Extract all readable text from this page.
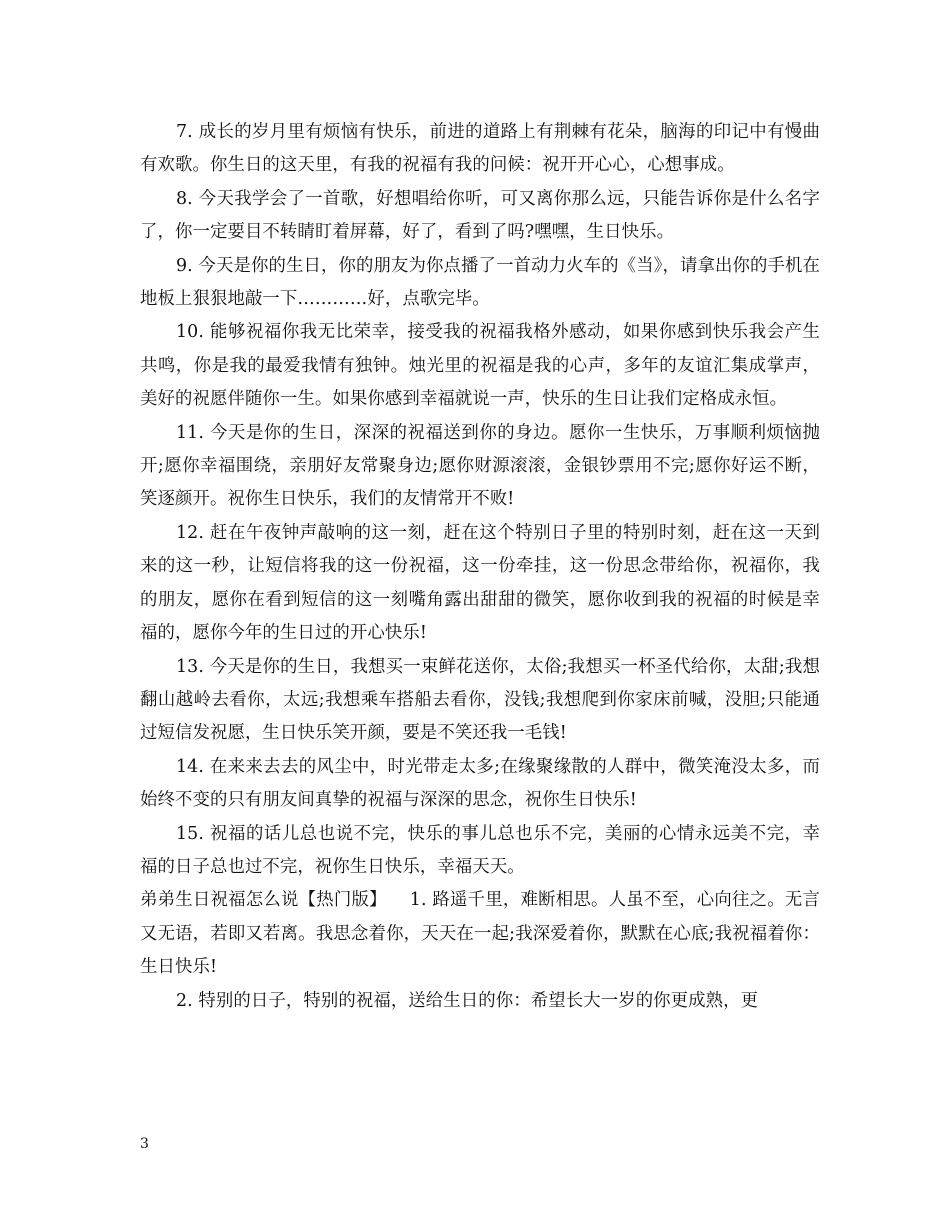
7. 成长的岁月里有烦恼有快乐，前进的道路上有荆棘有花朵，脑海的印记中有慢曲有欢歌。你生日的这天里，有我的祝福有我的问候：祝开开心心，心想事成。

8. 今天我学会了一首歌，好想唱给你听，可又离你那么远，只能告诉你是什么名字了，你一定要目不转睛盯着屏幕，好了，看到了吗?嘿嘿，生日快乐。

9. 今天是你的生日，你的朋友为你点播了一首动力火车的《当》，请拿出你的手机在地板上狠狠地敲一下…………好，点歌完毕。

10. 能够祝福你我无比荣幸，接受我的祝福我格外感动，如果你感到快乐我会产生共鸣，你是我的最爱我情有独钟。烛光里的祝福是我的心声，多年的友谊汇集成掌声，美好的祝愿伴随你一生。如果你感到幸福就说一声，快乐的生日让我们定格成永恒。

11. 今天是你的生日，深深的祝福送到你的身边。愿你一生快乐，万事顺利烦恼抛开;愿你幸福围绕，亲朋好友常聚身边;愿你财源滚滚，金银钞票用不完;愿你好运不断，笑逐颜开。祝你生日快乐，我们的友情常开不败!

12. 赶在午夜钟声敲响的这一刻，赶在这个特别日子里的特别时刻，赶在这一天到来的这一秒，让短信将我的这一份祝福，这一份牵挂，这一份思念带给你，祝福你，我的朋友，愿你在看到短信的这一刻嘴角露出甜甜的微笑，愿你收到我的祝福的时候是幸福的，愿你今年的生日过的开心快乐!

13. 今天是你的生日，我想买一束鲜花送你，太俗;我想买一杯圣代给你，太甜;我想翻山越岭去看你，太远;我想乘车搭船去看你，没钱;我想爬到你家床前喊，没胆;只能通过短信发祝愿，生日快乐笑开颜，要是不笑还我一毛钱!

14. 在来来去去的风尘中，时光带走太多;在缘聚缘散的人群中，微笑淹没太多，而始终不变的只有朋友间真挚的祝福与深深的思念，祝你生日快乐!

15. 祝福的话儿总也说不完，快乐的事儿总也乐不完，美丽的心情永远美不完，幸福的日子总也过不完，祝你生日快乐，幸福天天。

弟弟生日祝福怎么说【热门版】    1. 路遥千里，难断相思。人虽不至，心向往之。无言又无语，若即又若离。我思念着你，天天在一起;我深爱着你，默默在心底;我祝福着你：生日快乐!

2. 特别的日子，特别的祝福，送给生日的你：希望长大一岁的你更成熟，更

3
